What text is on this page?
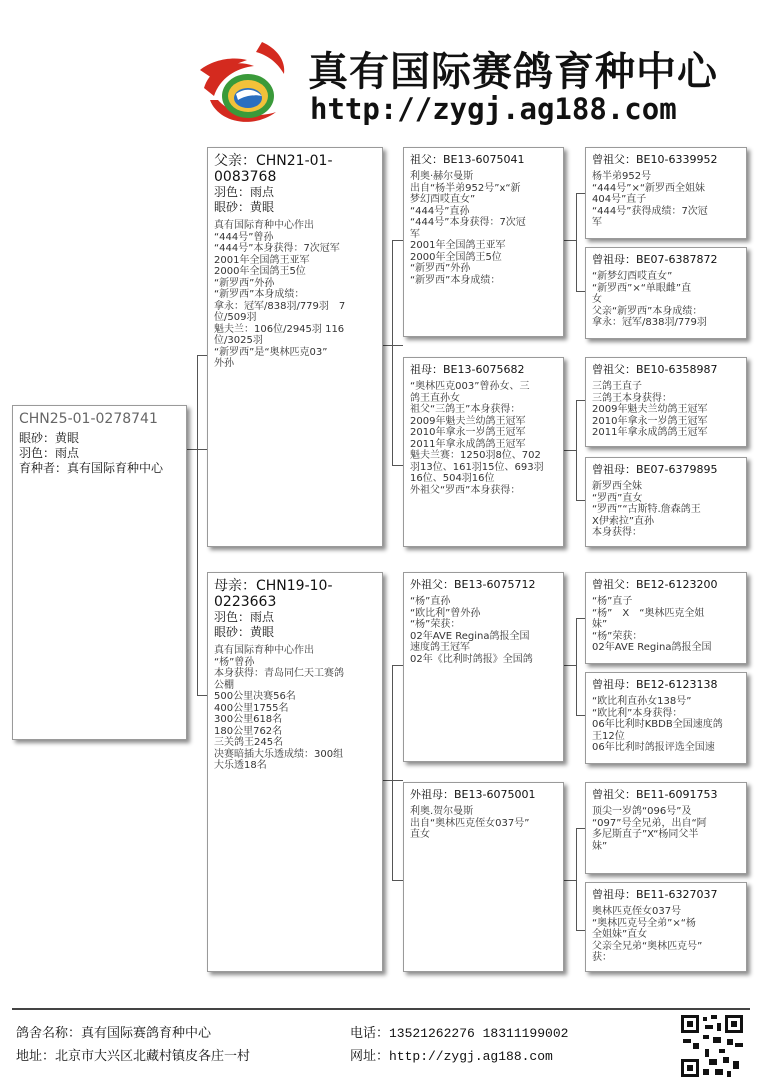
真有国际赛鸽育种中心
http://zygj.ag188.com
CHN25-01-0278741
眼砂：黄眼
羽色：雨点
育种者：真有国际育种中心
父亲：CHN21-01-0083768
羽色：雨点
眼砂：黄眼
真有国际育种中心作出
“444号”曾孙
“444号”本身获得：7次冠军
2001年全国鸽王亚军
2000年全国鸽王5位
“新罗西”外孙
“新罗西”本身成绩：
拿永：冠军/838羽/779羽　7
位/509羽
魁夫兰：106位/2945羽 116
位/3025羽
“新罗西”是“奥林匹克03”
外孙
母亲：CHN19-10-0223663
羽色：雨点
眼砂：黄眼
真有国际育种中心作出
“杨”曾孙
本身获得：青岛同仁天工赛鸽
公棚
500公里决赛56名
400公里1755名
300公里618名
180公里762名
三关鸽王245名
决赛暗插大乐透成绩：300组
大乐透18名
祖父：BE13-6075041
利奥·赫尔曼斯
出自“杨半弟952号”x“新
梦幻酉哎直女”
“444号”直孙
“444号”本身获得：7次冠
军
2001年全国鸽王亚军
2000年全国鸽王5位
“新罗西”外孙
“新罗西”本身成绩：
祖母：BE13-6075682
“奥林匹克003”曾孙女、三
鸽王直孙女
祖父“三鸽王”本身获得：
2009年魁夫兰幼鸽王冠军
2010年拿永一岁鸽王冠军
2011年拿永成鸽鸽王冠军
魁夫兰赛：1250羽8位、702
羽13位、161羽15位、693羽
16位、504羽16位
外祖父“罗西”本身获得：
外祖父：BE13-6075712
“杨”直孙
“欧比利”曾外孙
“杨”荣获：
02年AVE Regina鸽报全国
速度鸽王冠军
02年《比利时鸽报》全国鸽
外祖母：BE13-6075001
利奥.贺尔曼斯
出自“奥林匹克侄女037号”
直女
曾祖父：BE10-6339952
杨半弟952号
“444号”×“新罗西全姐妹
404号”直子
“444号”获得成绩：7次冠
军
曾祖母：BE07-6387872
“新梦幻酉哎直女”
“新罗西”×“单眼雌”直
女
父亲“新罗西”本身成绩：
拿永：冠军/838羽/779羽
曾祖父：BE10-6358987
三鸽王直子
三鸽王本身获得：
2009年魁夫兰幼鸽王冠军
2010年拿永一岁鸽王冠军
2011年拿永成鸽鸽王冠军
曾祖母：BE07-6379895
新罗西全妹
“罗西”直女
“罗西”“古斯特.詹森鸽王
X伊索拉”直孙
本身获得：
曾祖父：BE12-6123200
“杨”直子
“杨”　X　“奥林匹克全姐
妹”
“杨”荣获：
02年AVE Regina鸽报全国
曾祖母：BE12-6123138
“欧比利直孙女138号”
“欧比利”本身获得：
06年比利时KBDB全国速度鸽
王12位
06年比利时鸽报评选全国速
曾祖父：BE11-6091753
顶尖一岁鸽“096号”及
“097”号全兄弟，出自“阿
多尼斯直子”X“杨同父半
妹”
曾祖母：BE11-6327037
奥林匹克侄女037号
“奥林匹克号全弟”×“杨
全姐妹”直女
父亲全兄弟“奥林匹克号”
获：
鸽舍名称：真有国际赛鸽育种中心
地址：北京市大兴区北藏村镇皮各庄一村
电话：13521262276 18311199002
网址：http://zygj.ag188.com
